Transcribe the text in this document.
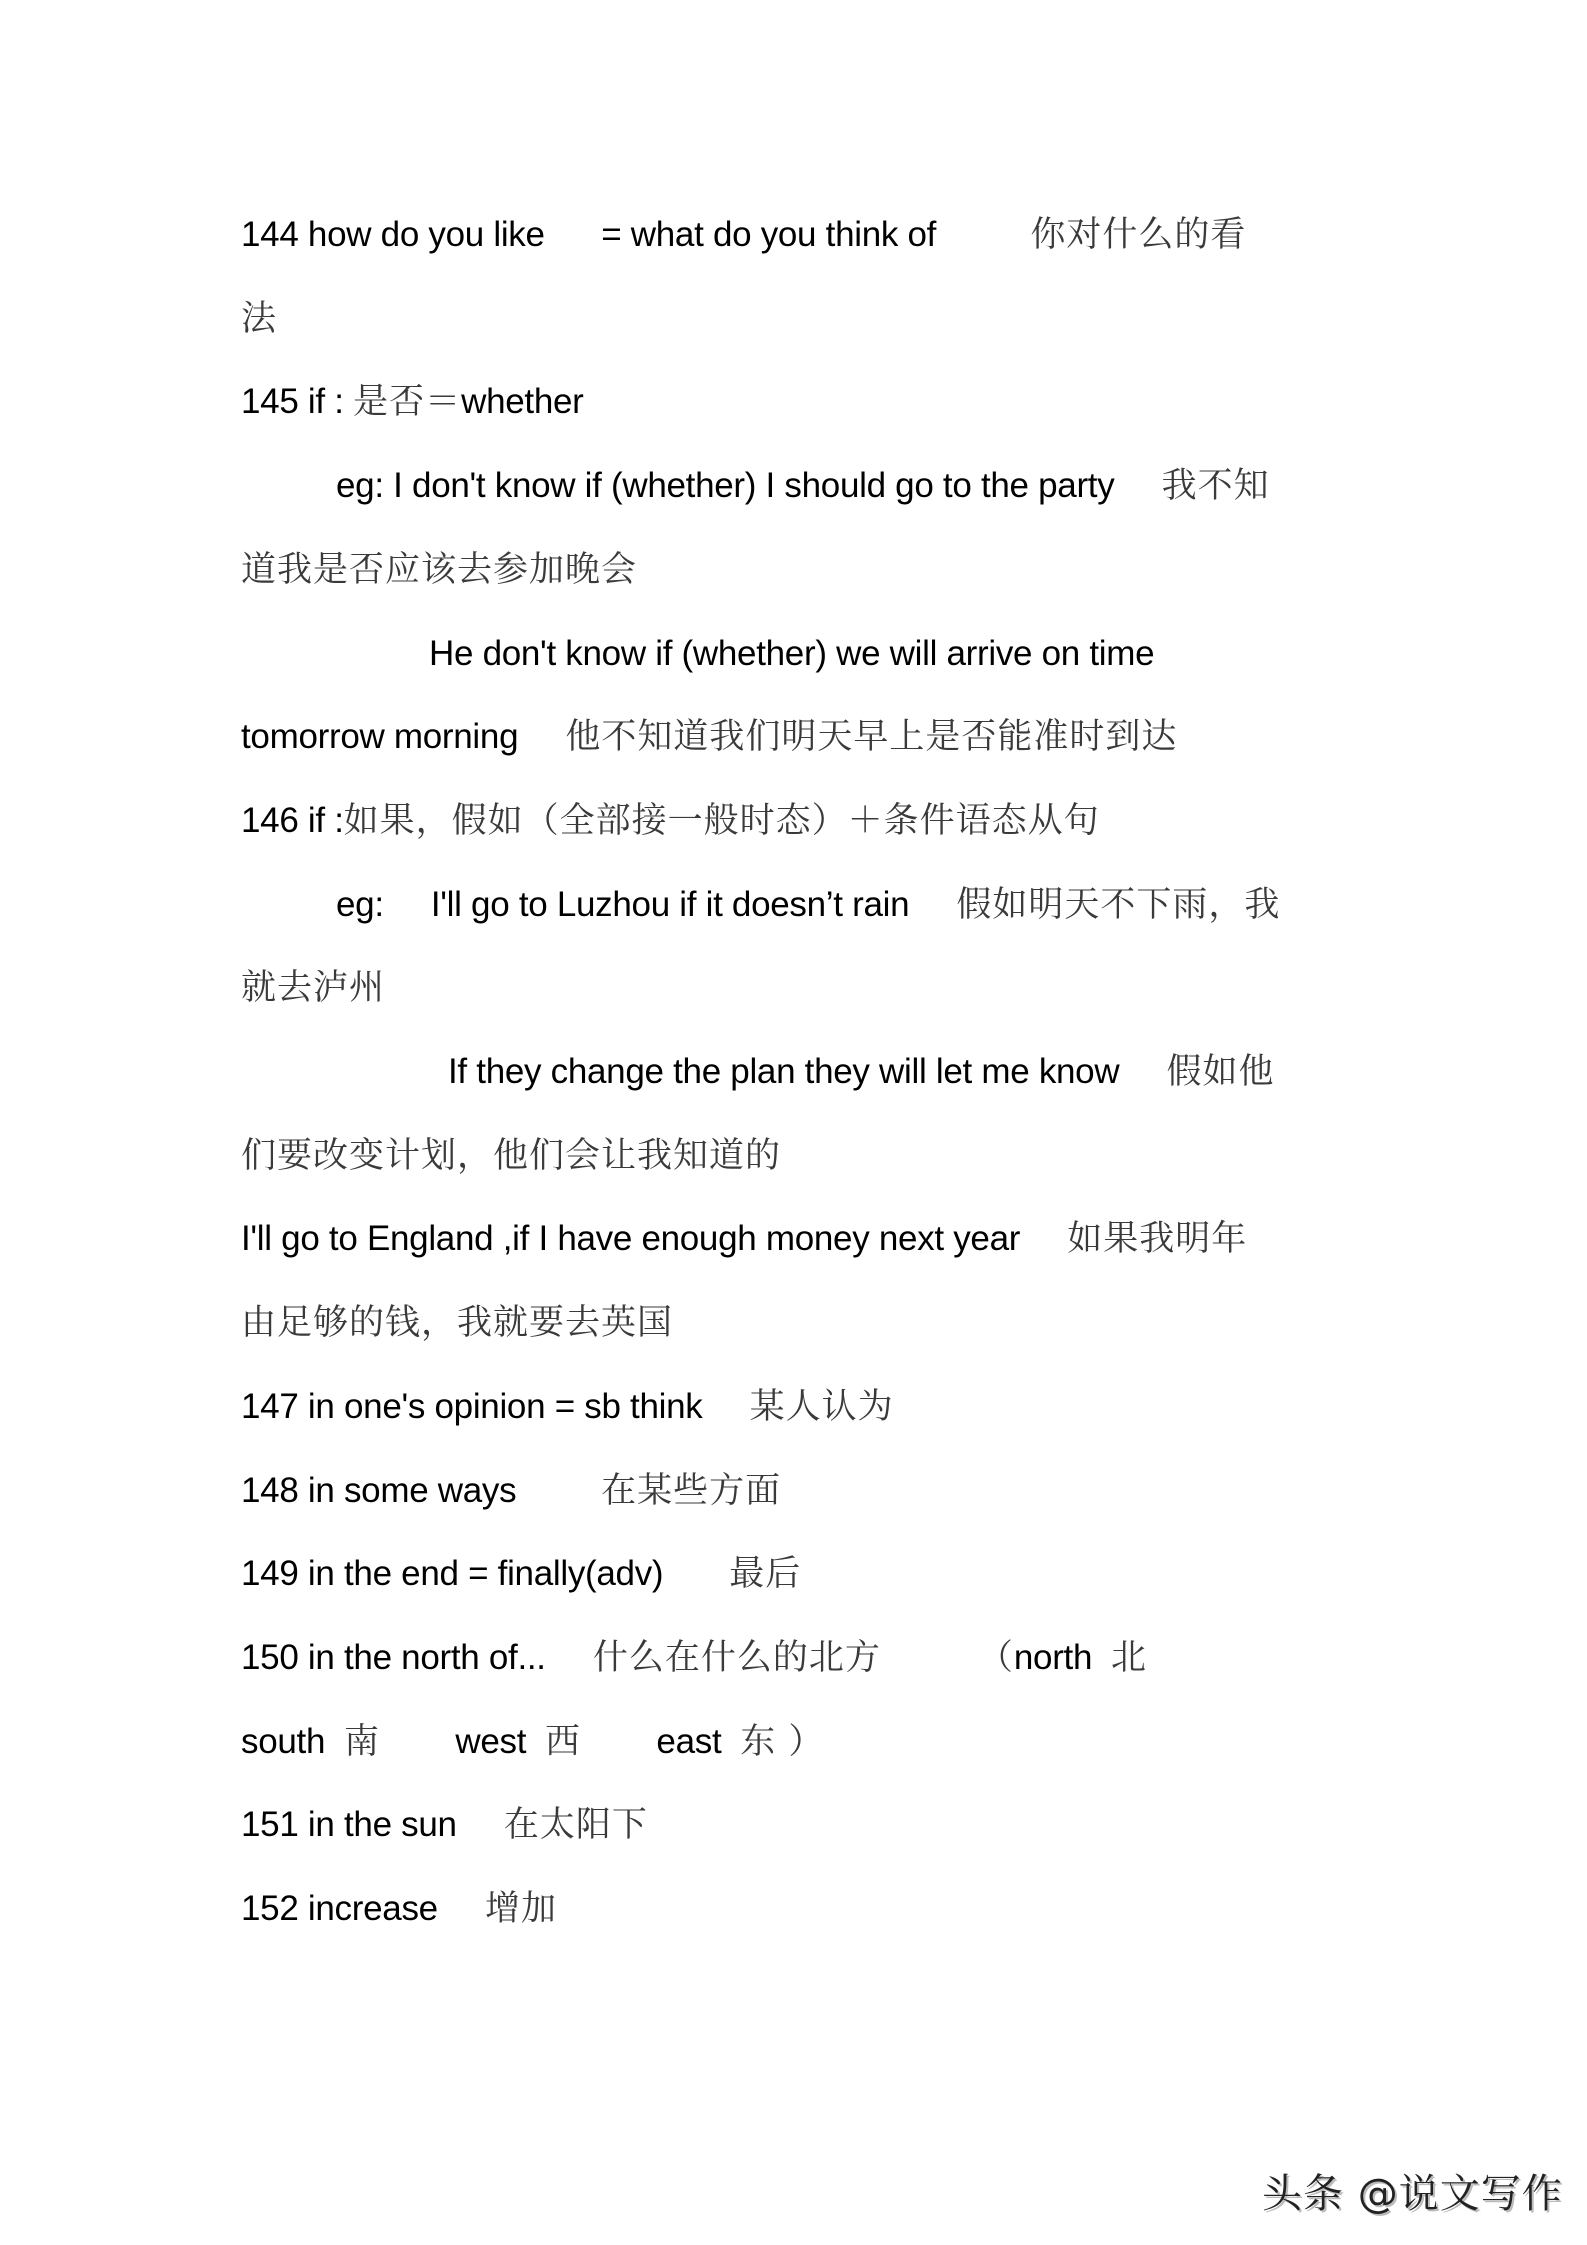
144 how do you like      = what do you think of          你对什么的看
法
145 if : 是否＝whether
eg: I don't know if (whether) I should go to the party     我不知
道我是否应该去参加晚会
He don't know if (whether) we will arrive on time
tomorrow morning     他不知道我们明天早上是否能准时到达
146 if :如果，假如（全部接一般时态）＋条件语态从句
eg:     I'll go to Luzhou if it doesn’t rain     假如明天不下雨，我
就去泸州
If they change the plan they will let me know     假如他
们要改变计划，他们会让我知道的
I'll go to England ,if I have enough money next year     如果我明年
由足够的钱，我就要去英国
147 in one's opinion = sb think     某人认为
148 in some ways         在某些方面
149 in the end = finally(adv)       最后
150 in the north of...     什么在什么的北方        （north  北
south  南        west  西        east  东 ）
151 in the sun     在太阳下
152 increase     增加
头条 @说文写作
